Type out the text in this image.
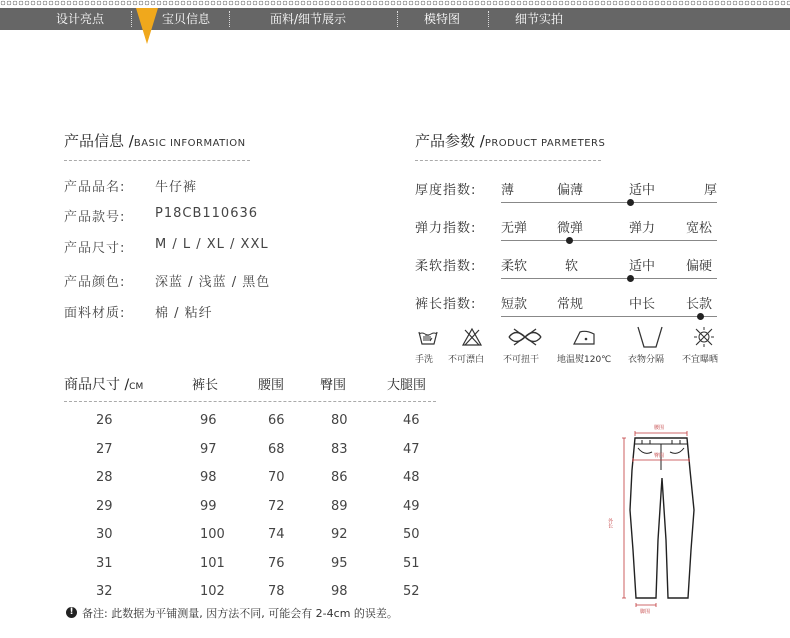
设计亮点	宝贝信息	面料/细节展示	模特图	细节实拍
产品信息 /BASIC INFORMATION
产品品名: 牛仔裤
产品款号: P18CB110636
产品尺寸: M / L / XL / XXL
产品颜色: 深蓝 / 浅蓝 / 黑色
面料材质: 棉 / 粘纤
产品参数 /PRODUCT PARMETERS
厚度指数: 薄	偏薄	适中	厚
弹力指数: 无弹 微弹	弹力 宽松
柔软指数: 柔软	软	适中 偏硬
裤长指数: 短款 常规	中长 长款
手洗 不可漂白 不可扭干 地温熨120℃ 衣物分隔 不宜曝晒
商品尺寸 /CM	裤长	腰围	臀围	大腿围
26	96	66	80	46
27	97	68	83	47
28	98	70	86	48
29	99	72	89	49
30	100	74	92	50
31	101	76	95	51
32	102	78	98	52
腰围
臀围
外长
脚围
! 备注: 此数据为平铺测量, 因方法不同, 可能会有 2-4cm 的误差。
